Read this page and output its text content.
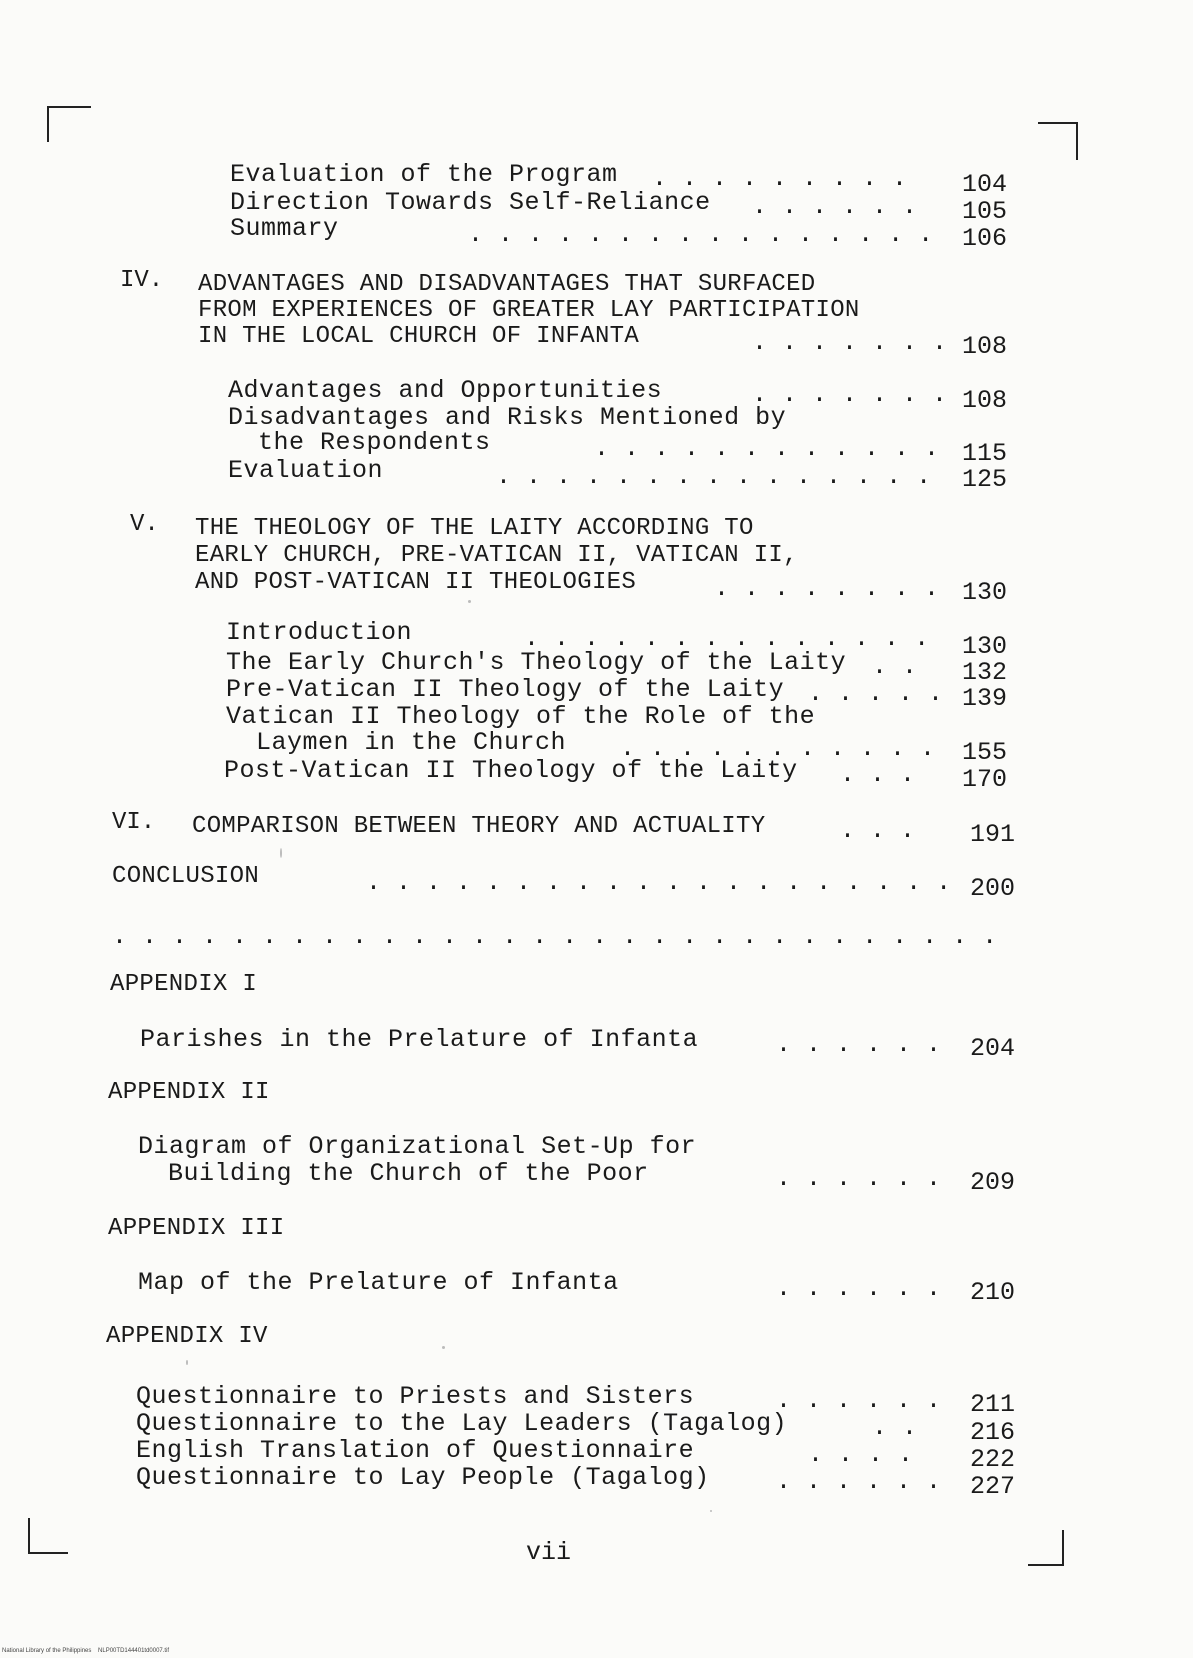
Evaluation of the Program . . . . . . . . . 104
Direction Towards Self-Reliance . . . . . . 105
Summary	. . . . . . . . . . . . . . . . 106
IV. ADVANTAGES AND DISADVANTAGES THAT SURFACED
FROM EXPERIENCES OF GREATER LAY PARTICIPATION
IN THE LOCAL CHURCH OF INFANTA	. . . . . . . 108
Advantages and Opportunities	. . . . . . . 108
Disadvantages and Risks Mentioned by
the Respondents	. . . . . . . . . . . . 115
Evaluation	. . . . . . . . . . . . . . . 125
V. THE THEOLOGY OF THE LAITY ACCORDING TO
EARLY CHURCH, PRE-VATICAN II, VATICAN II,
AND POST-VATICAN II THEOLOGIES	. . . . . . . . 130
Introduction	. . . . . . . . . . . . . . 130
The Early Church's Theology of the Laity . . 132
Pre-Vatican II Theology of the Laity . . . . . 139
Vatican II Theology of the Role of the
Laymen in the Church . . . . . . . . . . . 155
Post-Vatican II Theology of the Laity . . . 170
VI. COMPARISON BETWEEN THEORY AND ACTUALITY	. . . 191
CONCLUSION	. . . . . . . . . . . . . . . . . . . . 200
. . . . . . . . . . . . . . . . . . . . . . . . . . . . . .
APPENDIX I
Parishes in the Prelature of Infanta	. . . . . . 204
APPENDIX II
Diagram of Organizational Set-Up for
Building the Church of the Poor	. . . . . . 209
APPENDIX III
Map of the Prelature of Infanta	. . . . . . 210
APPENDIX IV
Questionnaire to Priests and Sisters	. . . . . . 211
Questionnaire to the Lay Leaders (Tagalog)	. . 216
English Translation of Questionnaire	. . . . 222
Questionnaire to Lay People (Tagalog)	. . . . . . 227
vii
National Library of the Philippines    NLP00TD144401td0007.tif
